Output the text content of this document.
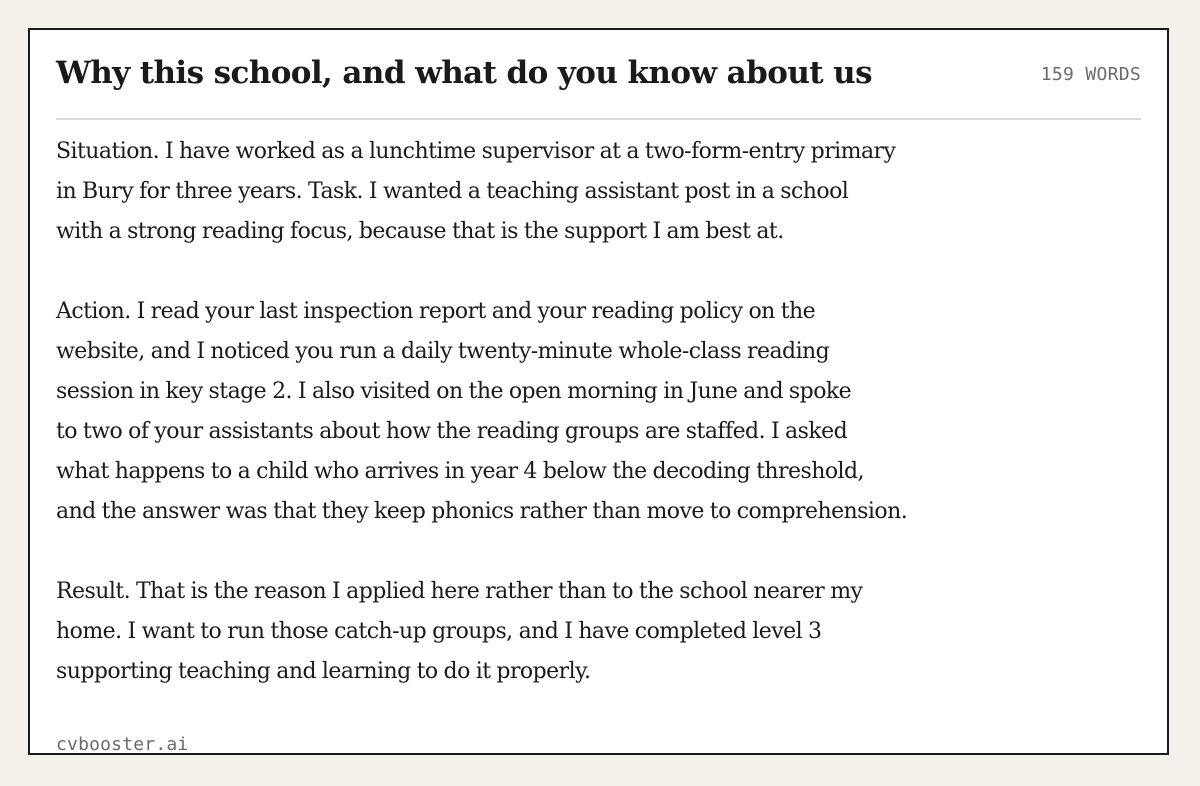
Why this school, and what do you know about us	159 WORDS

Situation. I have worked as a lunchtime supervisor at a two-form-entry primary
in Bury for three years. Task. I wanted a teaching assistant post in a school
with a strong reading focus, because that is the support I am best at.

Action. I read your last inspection report and your reading policy on the
website, and I noticed you run a daily twenty-minute whole-class reading
session in key stage 2. I also visited on the open morning in June and spoke
to two of your assistants about how the reading groups are staffed. I asked
what happens to a child who arrives in year 4 below the decoding threshold,
and the answer was that they keep phonics rather than move to comprehension.

Result. That is the reason I applied here rather than to the school nearer my
home. I want to run those catch-up groups, and I have completed level 3
supporting teaching and learning to do it properly.

cvbooster.ai
